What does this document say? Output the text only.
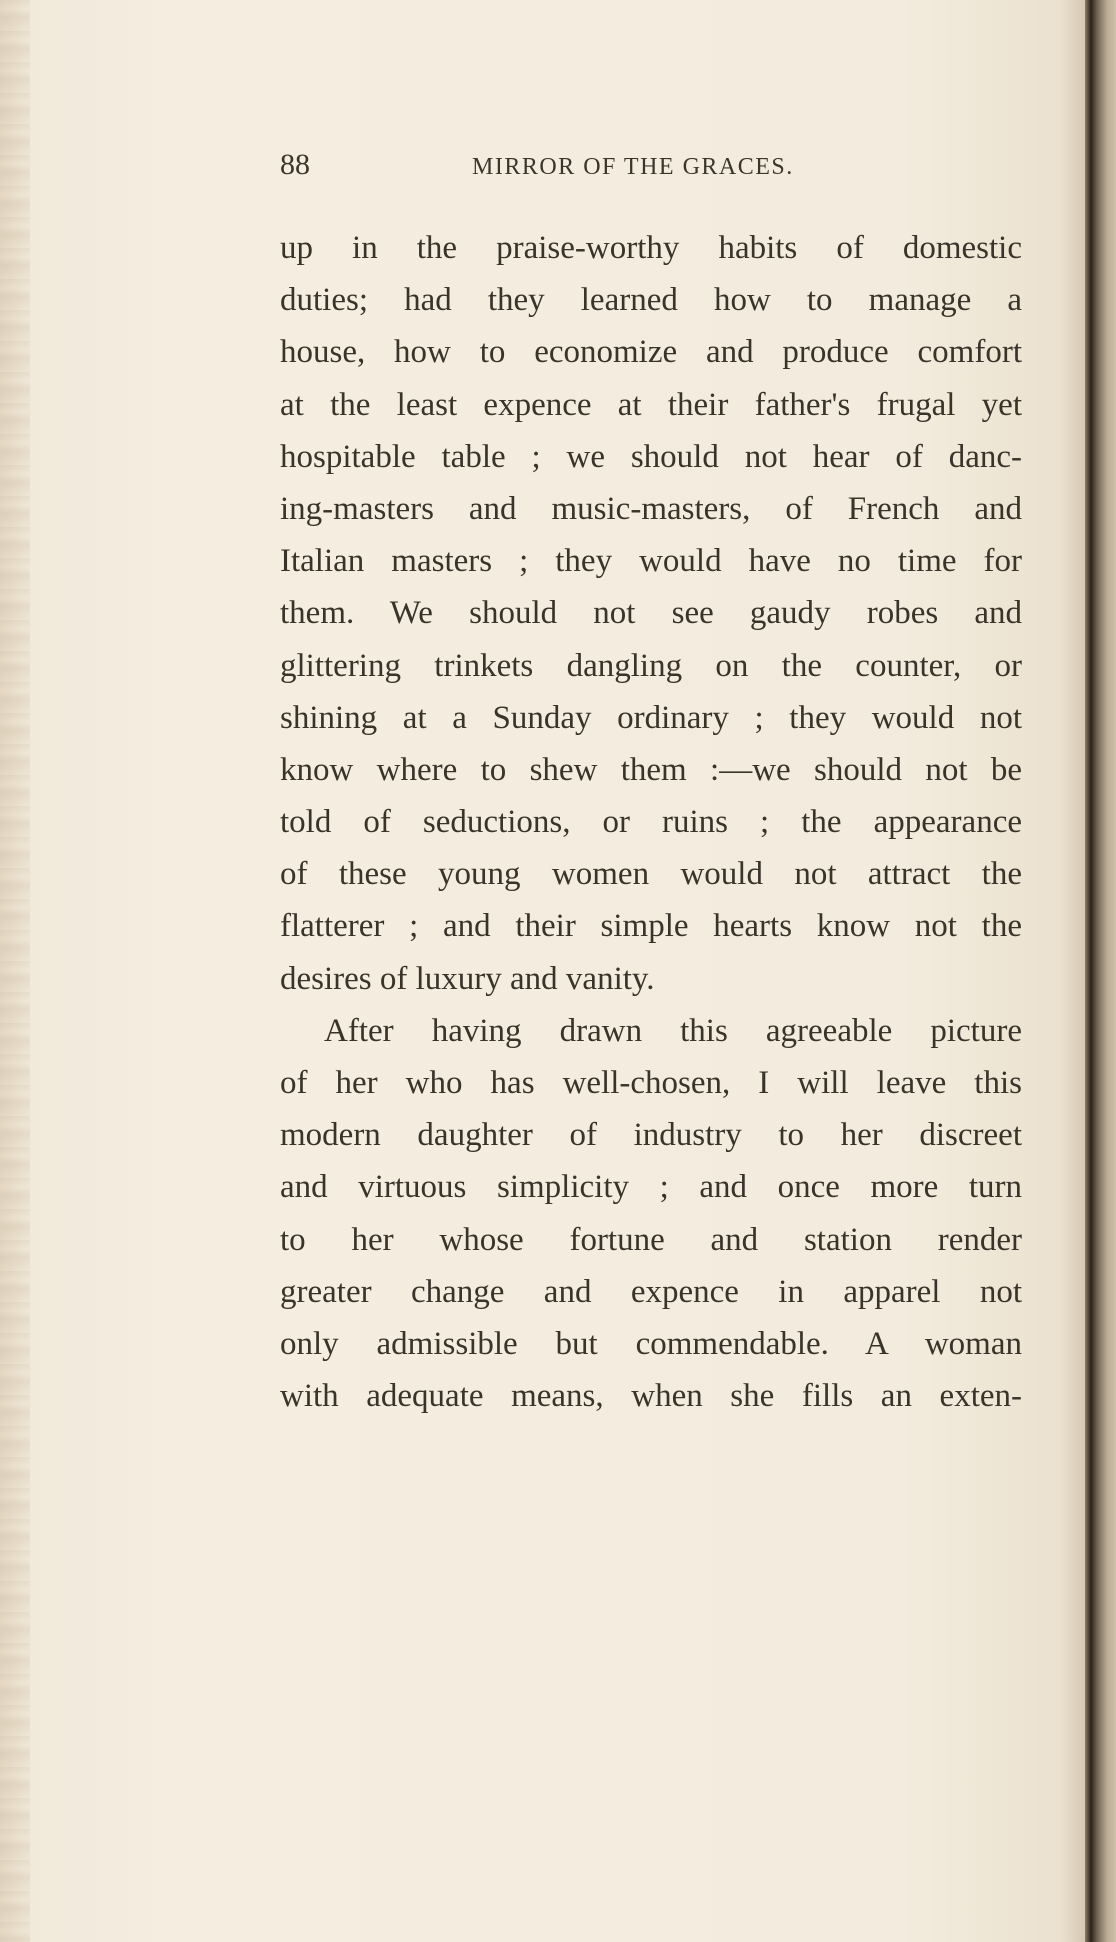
88	MIRROR OF THE GRACES.
up in the praise-worthy habits of domestic
duties; had they learned how to manage a
house, how to economize and produce comfort
at the least expence at their father's frugal yet
hospitable table ; we should not hear of danc-
ing-masters and music-masters, of French and
Italian masters ; they would have no time for
them. We should not see gaudy robes and
glittering trinkets dangling on the counter, or
shining at a Sunday ordinary ; they would not
know where to shew them :—we should not be
told of seductions, or ruins ; the appearance
of these young women would not attract the
flatterer ; and their simple hearts know not the
desires of luxury and vanity.
After having drawn this agreeable picture
of her who has well-chosen, I will leave this
modern daughter of industry to her discreet
and virtuous simplicity ; and once more turn
to her whose fortune and station render
greater change and expence in apparel not
only admissible but commendable. A woman
with adequate means, when she fills an exten-
